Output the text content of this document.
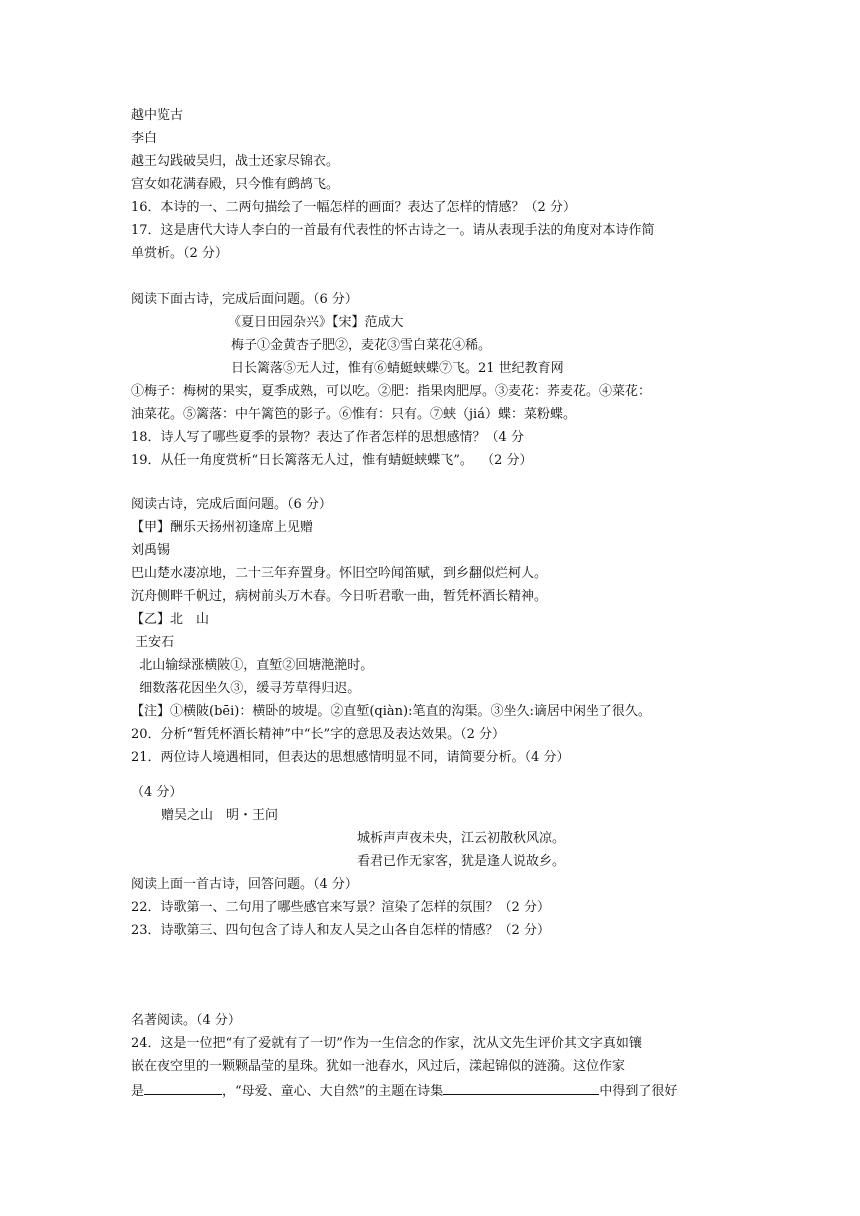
越中览古
李白
越王勾践破吴归，战士还家尽锦衣。
宫女如花满春殿，只今惟有鹧鸪飞。
16．本诗的一、二两句描绘了一幅怎样的画面？表达了怎样的情感？（2 分）
17．这是唐代大诗人李白的一首最有代表性的怀古诗之一。请从表现手法的角度对本诗作简
单赏析。（2 分）
阅读下面古诗，完成后面问题。（6 分）
《夏日田园杂兴》【宋】范成大
梅子①金黄杏子肥②，麦花③雪白菜花④稀。
日长篱落⑤无人过，惟有⑥蜻蜓蛱蝶⑦飞。21 世纪教育网
①梅子：梅树的果实，夏季成熟，可以吃。②肥：指果肉肥厚。③麦花：荞麦花。④菜花：
油菜花。⑤篱落：中午篱笆的影子。⑥惟有：只有。⑦蛱（jiá）蝶：菜粉蝶。
18．诗人写了哪些夏季的景物？表达了作者怎样的思想感情？（4 分
19．从任一角度赏析“日长篱落无人过，惟有蜻蜓蛱蝶飞”。  （2 分）
阅读古诗，完成后面问题。（6 分）
【甲】酬乐天扬州初逢席上见赠
刘禹锡
巴山楚水凄凉地，二十三年弃置身。怀旧空吟闻笛赋，到乡翻似烂柯人。
沉舟侧畔千帆过，病树前头万木春。今日听君歌一曲，暂凭杯酒长精神。
【乙】北　山
王安石
北山输绿涨横陂①，直堑②回塘滟滟时。
细数落花因坐久③，缓寻芳草得归迟。
【注】①横陂(bēi)：横卧的坡堤。②直堑(qiàn):笔直的沟渠。③坐久:谪居中闲坐了很久。
20．分析“暂凭杯酒长精神”中“长”字的意思及表达效果。（2 分）
21．两位诗人境遇相同，但表达的思想感情明显不同，请简要分析。（4 分）
（4 分）
赠吴之山　明・王问
城柝声声夜未央，江云初散秋风凉。
看君已作无家客，犹是逢人说故乡。
阅读上面一首古诗，回答问题。（4 分）
22．诗歌第一、二句用了哪些感官来写景？渲染了怎样的氛围？（2 分）
23．诗歌第三、四句包含了诗人和友人吴之山各自怎样的情感？（2 分）
名著阅读。（4 分）
24．这是一位把“有了爱就有了一切”作为一生信念的作家，沈从文先生评价其文字真如镶
嵌在夜空里的一颗颗晶莹的星珠。犹如一池春水，风过后，漾起锦似的涟漪。这位作家
是	，“母爱、童心、大自然”的主题在诗集	中得到了很好
